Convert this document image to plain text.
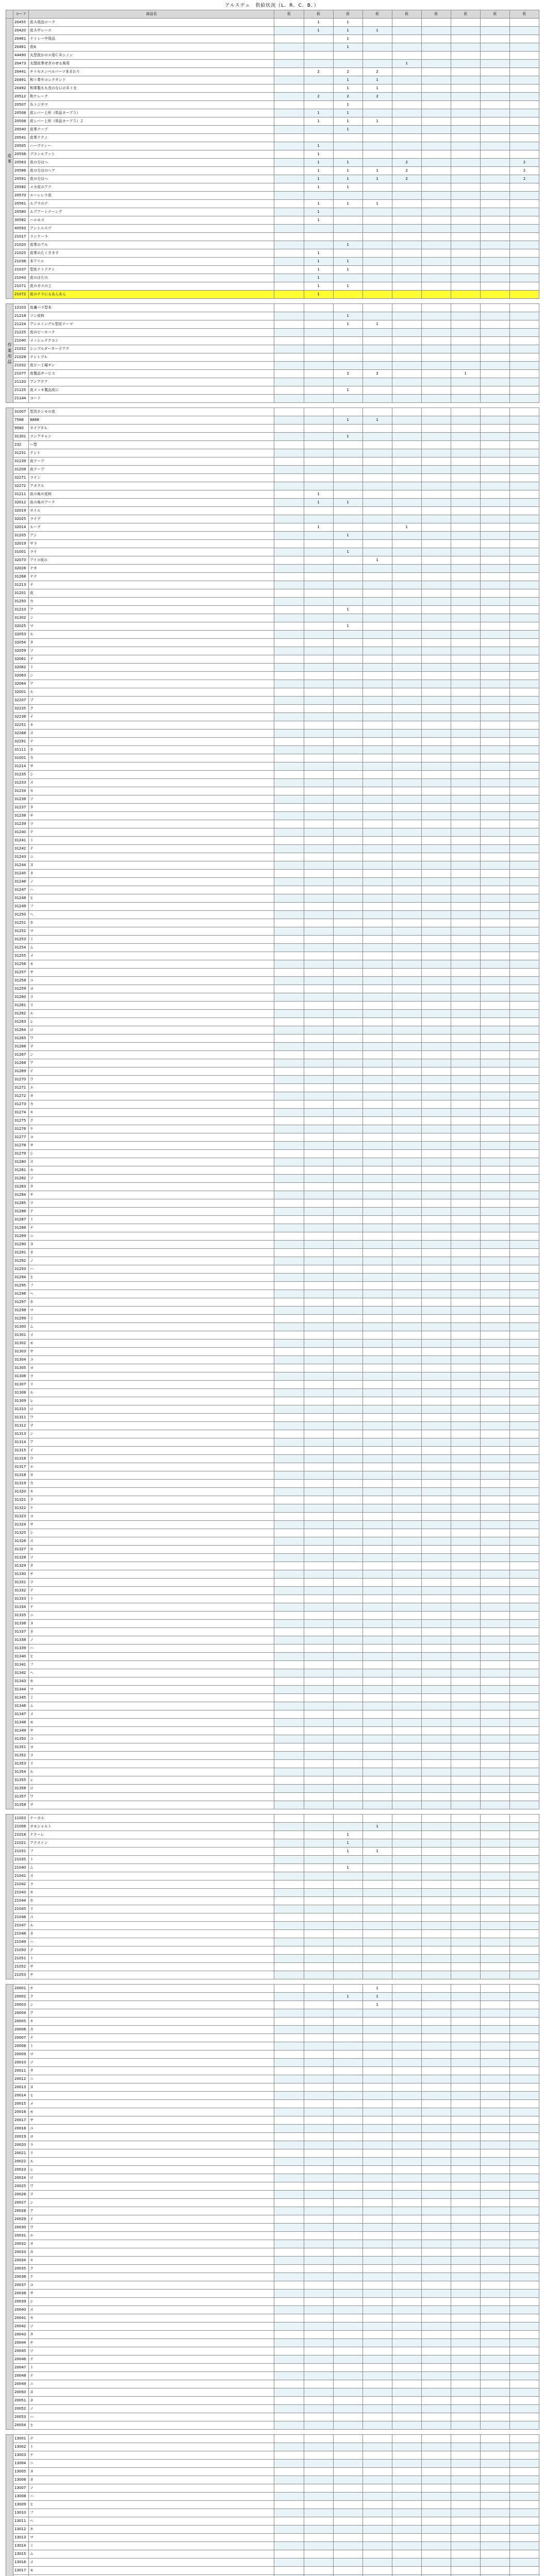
アルスデュ　供給状況（L．R．C．B．）
	コード	商品名	仮	仮	仮	仮	仮	仮	仮	仮	仮
皮 革	20455	皮Ａ用品ローク		1	1						
	20420	皮Ａ中レース		1	1	1					
	20461	ナトレー中用品			1						
	20461	皮A			1						
	44490	丸型皮かのエ用ＣＲシノン									
	20473	太閤皮革せぎのせる角用					1				
	20441	チトセエンベルパーツ本まわり		2	2	2					
	20491	和ト革やコレクタンド			1	1					
	20492	和革製もも長のなにのＲトを			1	1					
	20512	和ケレーク		2	2	2					
	20507	ｈトジタマ			1						
	20508	皮レバー上形（単品カーブ５）		1	1						
	20508	皮レバー上形（単品カーブ５）２		1	1	1					
	20540	皮革テープ			1						
	20541	皮革テクノ									
	20505	ハーブティー		1							
	20556	ブランルアット		1							
	20563	皮の方はへ		1	1		2				2
	20586	皮の方はのヘア		1	1	1	2				2
	20591	皮の方はへ		1	1	1	2				2
	20582	メカ皮のアテ		1	1						
	20570	エーレレラ皮									
	20561	ルブラのテ		1	1	1					
	20580	ルブアートナーング		1							
	30582	ハエモス		1							
	40593	アントエスプ									
	21017	ランナーラ									
	21020	皮革のアル			1						
	21025	皮革のたくきます		1							
	21036	本アイル		1	1						
	21037	型皮テトテクト		1	1						
	21043	皮のはたの		1							
	21071	皮のガスの工		1	1						
	21072	皮のテラにるあんあん		1							

作 業 用 品	12103	皮膚パラ型本									
	21218	ソン皮料			1						
	21224	アンエミングル型皮テーマ			1	1					
	21225	皮のビーカーク									
	21040	メッシュナクコン									
	21032	シンプルダーター子アク									
	21028	テントブル									
	21032	皮ビー工場チン									
	21077	皮製品サービス			2	2			1		
	21120	アンアクア									
	21125	皮メッキ製品皮に			1						
	21144	コード									

	31007	型具ホンモの皮									
	7588	8888			1	1					
	9580	タイプタル									
	31301	ランアチャン			1						
	232	ハ型									
	31231	テント									
	31239	皮テープ									
	31208	皮テープ									
	32271	ライン									
	32272	アボクル									
	31211	皮の角の皮料		1							
	32012	皮の角のアーク		1	1						
	32019	オイル									
	32025	ライプ									
	32014	ルーク		1			1				
	31205	アン			1						
	32019	サラ									
	31001	ライ			1						
	32073	アイコ皮の				1					
	32026	ナホ									
	31268	ナナ									
	31213	ナ									
	31201	皮									
	31250	カ									
	31210	ア			1						
	31302	ン									
	32025	マ			1						
	32053	ル									
	32054	タ									
	32059	ソ									
	32061	テ									
	32062	ト									
	32063	ン									
	32064	ア									
	32001	ル									
	32207	プ									
	32235	ク									
	32236	イ									
	32251	キ									
	32268	ス									
	32291	テ									
	31111	ホ									
	31001	カ									
	31214	サ									
	31235	シ									
	31233	ス									
	31234	セ									
	31236	ソ									
	31237	タ									
	31238	チ									
	31239	ツ									
	31240	テ									
	31241	ト									
	31242	ナ									
	31243	ニ									
	31244	ヌ									
	31245	ネ									
	31246	ノ									
	31247	ハ									
	31248	ヒ									
	31249	フ									
	31250	ヘ									
	31251	ホ									
	31252	マ									
	31253	ミ									
	31254	ム									
	31255	メ									
	31256	モ									
	31257	ヤ									
	31258	ユ									
	31259	ヨ									
	31260	ラ									
	31261	リ									
	31262	ル									
	31263	レ									
	31264	ロ									
	31265	ワ									
	31266	ヲ									
	31267	ン									
	31268	ア									
	31269	イ									
	31270	ウ									
	31271	エ									
	31272	オ									
	31273	カ									
	31274	キ									
	31275	ク									
	31276	ケ									
	31277	コ									
	31278	サ									
	31279	シ									
	31280	ス									
	31281	セ									
	31282	ソ									
	31283	タ									
	31284	チ									
	31285	ツ									
	31286	テ									
	31287	ト									
	31288	ナ									
	31289	ニ									
	31290	ヌ									
	31291	ネ									
	31292	ノ									
	31293	ハ									
	31294	ヒ									
	31295	フ									
	31296	ヘ									
	31297	ホ									
	31298	マ									
	31299	ミ									
	31300	ム									
	31301	メ									
	31302	モ									
	31303	ヤ									
	31304	ユ									
	31305	ヨ									
	31306	ラ									
	31307	リ									
	31308	ル									
	31309	レ									
	31310	ロ									
	31311	ワ									
	31312	ヲ									
	31313	ン									
	31314	ア									
	31315	イ									
	31316	ウ									
	31317	エ									
	31318	オ									
	31319	カ									
	31320	キ									
	31321	ク									
	31322	ケ									
	31323	コ									
	31324	サ									
	31325	シ									
	31326	ス									
	31327	セ									
	31328	ソ									
	31329	タ									
	31330	チ									
	31331	ツ									
	31332	テ									
	31333	ト									
	31334	ナ									
	31335	ニ									
	31336	ヌ									
	31337	ネ									
	31338	ノ									
	31339	ハ									
	31340	ヒ									
	31341	フ									
	31342	ヘ									
	31343	ホ									
	31344	マ									
	31345	ミ									
	31346	ム									
	31347	メ									
	31348	モ									
	31349	ヤ									
	31350	ユ									
	31351	ヨ									
	31352	ラ									
	31353	リ									
	31354	ル									
	31355	レ									
	31356	ロ									
	31357	ワ									
	31358	ヲ									

	11003	ナーカル									
	21006	オモシャルト				1					
	21018	ナクーレ			1						
	21021	アクストン			1						
	21031	フ			1	1					
	21035	ト									
	21040	ム			1						
	21041	ス									
	21042	ラ									
	21043	キ									
	21044	ホ									
	21045	リ									
	21046	ユ									
	21047	ル									
	21048	ネ									
	21049	ハ									
	21050	テ									
	21051	ト									
	21052	サ									
	21053	チ									

	20001	チ				1					
	20002	ク			1	1					
	20003	ン				1					
	20004	ア									
	20005	キ									
	20006	カ									
	20007	ナ									
	20008	ト									
	20009	マ									
	20010	ソ									
	20011	タ									
	20012	ニ									
	20013	ヌ									
	20014	ヒ									
	20015	メ									
	20016	モ									
	20017	ヤ									
	20018	ユ									
	20019	ヨ									
	20020	ラ									
	20021	リ									
	20022	ル									
	20023	レ									
	20024	ロ									
	20025	ワ									
	20026	ヲ									
	20027	ン									
	20028	ア									
	20029	イ									
	20030	ウ									
	20031	エ									
	20032	オ									
	20033	カ									
	20034	キ									
	20035	ク									
	20036	ケ									
	20037	コ									
	20038	サ									
	20039	シ									
	20040	ス									
	20041	セ									
	20042	ソ									
	20043	タ									
	20044	チ									
	20045	ツ									
	20046	テ									
	20047	ト									
	20048	ナ									
	20049	ニ									
	20050	ヌ									
	20051	ネ									
	20052	ノ									
	20053	ハ									
	20054	ヒ									

	13001	テ									
	13002	ト									
	13003	ナ									
	13004	ニ									
	13005	ヌ									
	13006	ネ									
	13007	ノ									
	13008	ハ									
	13009	ヒ									
	13010	フ									
	13011	ヘ									
	13012	ホ									
	13013	マ									
	13014	ミ									
	13015	ム									
	13016	メ									
	13017	モ									
